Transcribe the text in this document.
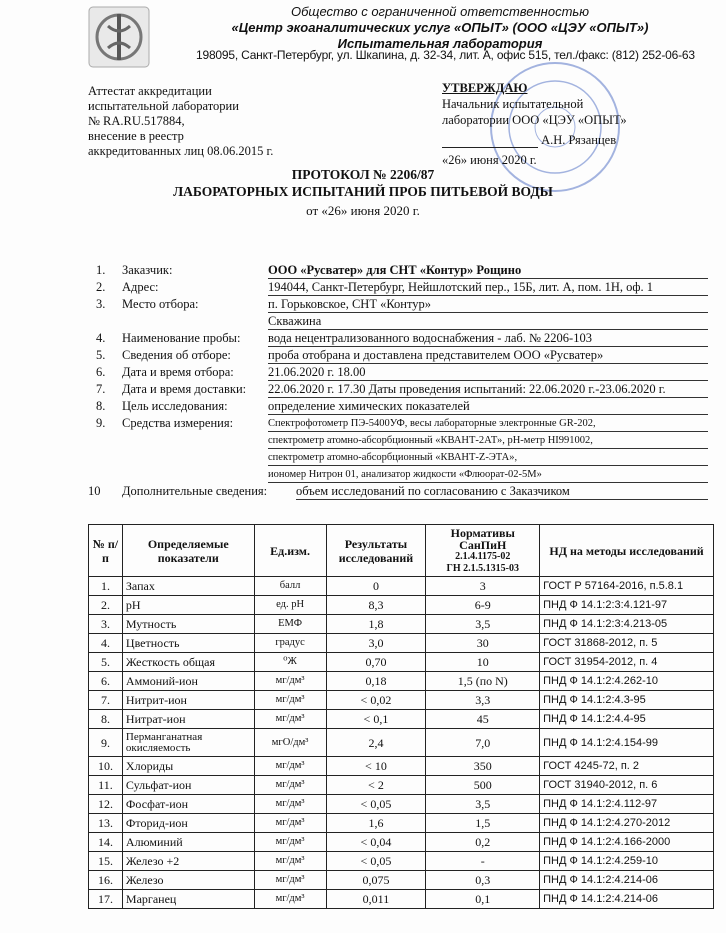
Общество с ограниченной ответственностью
«Центр экоаналитических услуг «ОПЫТ» (ООО «ЦЭУ «ОПЫТ»)
Испытательная лаборатория
198095, Санкт-Петербург, ул. Шкапина, д. 32-34, лит. А, офис 515, тел./факс: (812) 252-06-63
Аттестат аккредитации
испытательной лаборатории
№ RA.RU.517884,
внесение в реестр
аккредитованных лиц 08.06.2015 г.
УТВЕРЖДАЮ
Начальник испытательной
лаборатории ООО «ЦЭУ «ОПЫТ»
А.Н. Рязанцев
«26» июня 2020 г.
ПРОТОКОЛ № 2206/87
ЛАБОРАТОРНЫХ ИСПЫТАНИЙ ПРОБ ПИТЬЕВОЙ ВОДЫ
от «26» июня 2020 г.
1.	Заказчик:	ООО «Русватер» для СНТ «Контур» Рощино
2.	Адрес:	194044, Санкт-Петербург, Нейшлотский пер., 15Б, лит. А, пом. 1Н, оф. 1
3.	Место отбора:	п. Горьковское, СНТ «Контур»
Скважина
4.	Наименование пробы: вода нецентрализованного водоснабжения - лаб. № 2206-103
5.	Сведения об отборе:	проба отобрана и доставлена представителем ООО «Русватер»
6.	Дата и время отбора:	21.06.2020 г. 18.00
7.	Дата и время доставки: 22.06.2020 г. 17.30 Даты проведения испытаний: 22.06.2020 г.-23.06.2020 г.
8.	Цель исследования:	определение химических показателей
9.	Средства измерения:	Спектрофотометр ПЭ-5400УФ, весы лабораторные электронные GR-202,
спектрометр атомно-абсорбционный «КВАНТ-2АТ», рН-метр HI991002,
спектрометр атомно-абсорбционный «КВАНТ-Z-ЭТА»,
иономер Нитрон 01, анализатор жидкости «Флюорат-02-5М»
10	Дополнительные сведения: объем исследований по согласованию с Заказчиком
№ п/п	Определяемые показатели	Ед.изм.	Результаты исследований	Нормативы
СанПиН
2.1.4.1175-02
ГН 2.1.5.1315-03	НД на методы исследований
1.	Запах	балл	0	3	ГОСТ Р 57164-2016, п.5.8.1
2.	pH	ед. pH	8,3	6-9	ПНД Ф 14.1:2:3:4.121-97
3.	Мутность	ЕМФ	1,8	3,5	ПНД Ф 14.1:2:3:4.213-05
4.	Цветность	градус	3,0	30	ГОСТ 31868-2012, п. 5
5.	Жесткость общая	⁰Ж	0,70	10	ГОСТ 31954-2012, п. 4
6.	Аммоний-ион	мг/дм³	0,18	1,5 (по N)	ПНД Ф 14.1:2:4.262-10
7.	Нитрит-ион	мг/дм³	< 0,02	3,3	ПНД Ф 14.1:2:4.3-95
8.	Нитрат-ион	мг/дм³	< 0,1	45	ПНД Ф 14.1:2:4.4-95
9.	Перманганатная окисляемость	мгО/дм³	2,4	7,0	ПНД Ф 14.1:2:4.154-99
10.	Хлориды	мг/дм³	< 10	350	ГОСТ 4245-72, п. 2
11.	Сульфат-ион	мг/дм³	< 2	500	ГОСТ 31940-2012, п. 6
12.	Фосфат-ион	мг/дм³	< 0,05	3,5	ПНД Ф 14.1:2:4.112-97
13.	Фторид-ион	мг/дм³	1,6	1,5	ПНД Ф 14.1:2:4.270-2012
14.	Алюминий	мг/дм³	< 0,04	0,2	ПНД Ф 14.1:2:4.166-2000
15.	Железо +2	мг/дм³	< 0,05	-	ПНД Ф 14.1:2:4.259-10
16.	Железо	мг/дм³	0,075	0,3	ПНД Ф 14.1:2:4.214-06
17.	Марганец	мг/дм³	0,011	0,1	ПНД Ф 14.1:2:4.214-06
